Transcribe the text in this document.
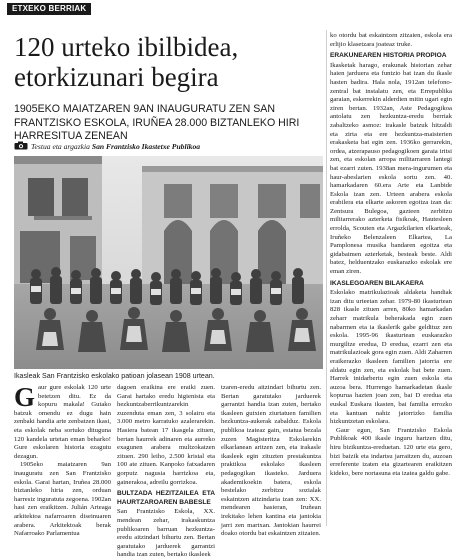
ETXEKO BERRIAK
120 urteko ibilbidea,
etorkizunari begira

1905EKO MAIATZAREN 9AN INAUGURATU ZEN SAN FRANTZISKO ESKOLA, IRUÑEA 28.000 BIZTANLEKO HIRI HARRESITUA ZENEAN

Testua eta argazkia San Frantzisko Ikastetxe Publikoa
Ikasleak San Frantzisko eskolako patioan jolasean 1908 urtean.

Gaur gure eskolak 120 urte betetzen ditu. Ez da kopuru makala! Gutako batzuk omendu ez dugu hain zenbaki handia arte zenbatzen ikasi, eta eskolak neba sortuko dituguna 120 kandela urtetan eman beharko! Gure eskolaren historia ezagutu dezagun.

1905eko maiatzaren 9an inauguratu zen San Frantzisko eskola. Garai hartan, Iruñea 28.000 biztanleko hiria zen, orduan harresiz inguratuta zegoena. 1902an hasi zen eraikitzen. Julián Arteaga arkitektoa nafarroaren diseinuaren arabera. Arkitektoak berak Nafarroako Parlamentua

dagoen eraikina ere eraiki zuen. Garai hartako eredu higienista eta hezkuntzaberrikuntzarekin zuzenduta eman zen, 3 solairu eta 3.000 metro karratuko azalerarekin. Hasiera batean 17 ikasgela zituen, bertan haurrek adinaren eta aurreko exagunen arabera multzokatzen zituen. 290 leiho, 2.500 kristal eta 100 ate zituen. Kanpoko fatxadaren gorputz nagusia harrizkoa eta, gainerakoa, adreilu gorrizkoa.

BULTZADA HEZITZAILEA ETA HAURTZAROAREN BABESLE

San Frantzisko Eskola, XX. mendean zehar, irakaskuntza publikoaren barruan hezkuntza-eredu aitzindari bihurtu zen. Bertan garatutako jarduerek garrantzi handia izan zuten, bertako ikasleek

tzaren-eredu aitzindari bihurtu zen. Bertan garatutako jarduerek garrantzi handia izan zuten, bertako ikasleen gutxien ziurtatuen familien hezkuntza-aukerak zabalduz. Eskola publikoa izateaz gain, estatua bezala zuzen Magisteritza Eskolarekin elkarlanean aritzen zen, eta irakasle ikasleek egin zituzten prestakuntza praktikoa eskolako ikasleen pedagogikan ikasteko. Jarduera akademikoekin batera, eskola bestelako zerbitzu sozialak eskaintzen aitzindaria izan zen: XX. mendearen hasieran, Iruñean irekitako lehen kantina eta jantokia jarri zen martxan. Jantokian haurrei doako otordu bat eskaintzen zitzaien.

ko otordu bat eskaintzen zitzaien, eskola era erlijio klasetzara joateaz truke.

ERAKUNEAREN HISTORIA PROPIOA

Ikasketak harago, erakunak historian zehar haien jarduera eta funtzio bat izan du ikasle hasten badira. Hala nola, 1912an telefono-zentral bat instalatu zen, eta Errepublika garaian, eskerrekin alderdien mitin ugari egin ziren bertan. 1932an, Aste Pedagogikoa antolatu zen hezkuntza-eredu berriak zabaltzeko asmoz: irakasle batzuk hitzaldi eta zirta eta ere hezkuntza-maisterien erakasketa bat egin zen. 1936ko gerrarekin, ordea, atzerapauso pedagogikoen garaia iritsi zen, eta eskolan arropa militarraren lantegi bat ezarri zuten. 1938an mera-ingurumen eta haur-abeslarien eskola sortu zen. 40. hamarkadaren 60.era Arte eta Lanbide Eskola izan zen. Urteen arabera eskola erabilera eta elkarte askoren egoitza izan da: Zentsura Bulegoa, gazteen zerbitzu militarrerako azterketa fisikoak, Hautesleen erroldа, Scouten eta Argazkilarien elkarteak, Iruñeko Belenzaleen Elkartea, La Pamplonesa musika bandaren egoitza eta gidabaimen azterketak, besteak beste. Aldi batez, helduentzako euskarazko eskolak ere eman ziren.

IKASLEGOAREN BILAKAERA

Eskolako matrikulazioak aldaketa handiak izan ditu urteetan zehar. 1979-80 ikasturtean 828 ikasle zituen arren, 80ko hamarkadan zeharr matrikula beherakada egin zuen nabarmen eta ia ikaslerik gabe geldituz zen eskola. 1995-96 ikasturtean euskarazko murgiltze eredua, D eredua, ezarri zen eta matrikulazioak gora egin zuen. Aldi Zaharren eraikerazko ikasleen familien jatorria ere aldatu egin zen, eta eskolak bat bete zuen. Harrek inidarbertu egin zuen eskola eta auzoa bera. Hurrengo hamarkadetan ikasle kopurua hazten joan zen, bai D eredua eta euskal Euskara ikasten, bai familia errozko eta kantuan nahiz jatorrizko familia hizkuntzetan eskolara.

Gaur egun, San Frantzisko Eskola Publikoak 400 ikasle inguru hartzen ditu, hiru bizikuntza-ereduetan. 120 urte eta gero, bizi baizik eta indartsu jarraitzen du, auzoan erreferente izaten eta gizartearen eraikitzen kideko, bere nortasuna eta izatea galdu gabe.
